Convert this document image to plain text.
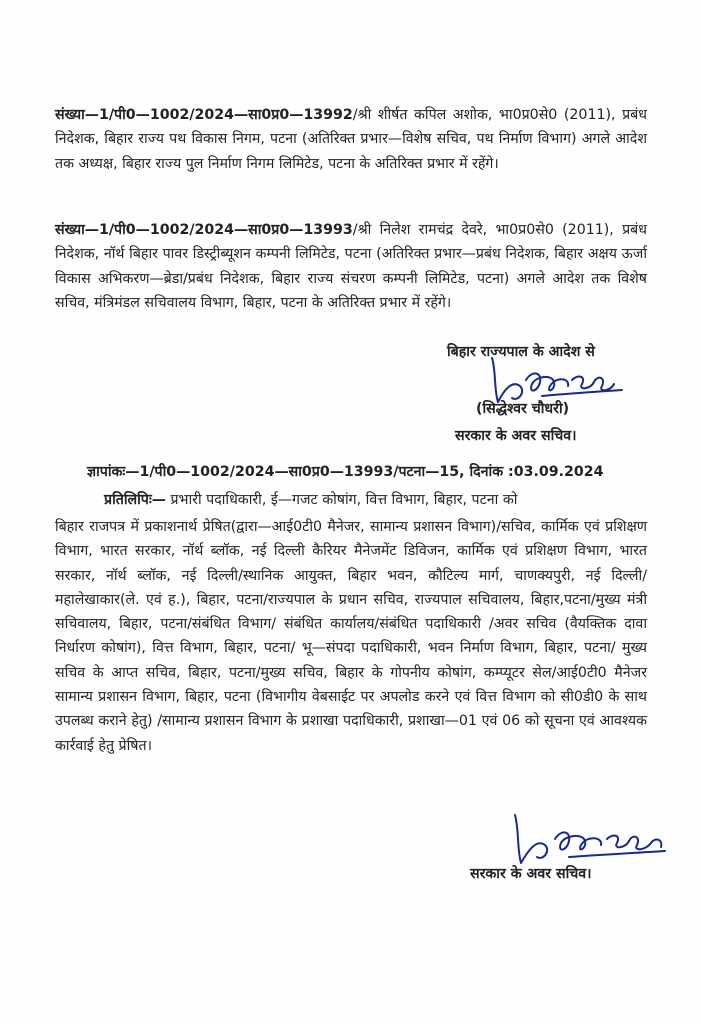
संख्या—1/पी0—1002/2024—सा0प्र0—13992/श्री शीर्षत कपिल अशोक, भा0प्र0से0 (2011), प्रबंध निदेशक, बिहार राज्य पथ विकास निगम, पटना (अतिरिक्त प्रभार—विशेष सचिव, पथ निर्माण विभाग) अगले आदेश तक अध्यक्ष, बिहार राज्य पुल निर्माण निगम लिमिटेड, पटना के अतिरिक्त प्रभार में रहेंगे।

संख्या—1/पी0—1002/2024—सा0प्र0—13993/श्री निलेश रामचंद्र देवरे, भा0प्र0से0 (2011), प्रबंध निदेशक, नॉर्थ बिहार पावर डिस्ट्रीब्यूशन कम्पनी लिमिटेड, पटना (अतिरिक्त प्रभार—प्रबंध निदेशक, बिहार अक्षय ऊर्जा विकास अभिकरण—ब्रेडा/प्रबंध निदेशक, बिहार राज्य संचरण कम्पनी लिमिटेड, पटना) अगले आदेश तक विशेष सचिव, मंत्रिमंडल सचिवालय विभाग, बिहार, पटना के अतिरिक्त प्रभार में रहेंगे।

बिहार राज्यपाल के आदेश से
(सिद्धेश्वर चौधरी)
सरकार के अवर सचिव।
ज्ञापांकः—1/पी0—1002/2024—सा0प्र0—13993/पटना—15, दिनांक :03.09.2024

प्रतिलिपिः— प्रभारी पदाधिकारी, ई—गजट कोषांग, वित्त विभाग, बिहार, पटना को

बिहार राजपत्र में प्रकाशनार्थ प्रेषित(द्वारा—आई0टी0 मैनेजर, सामान्य प्रशासन विभाग)/सचिव, कार्मिक एवं प्रशिक्षण विभाग, भारत सरकार, नॉर्थ ब्लॉक, नई दिल्ली कैरियर मैनेजमेंट डिविजन, कार्मिक एवं प्रशिक्षण विभाग, भारत सरकार, नॉर्थ ब्लॉक, नई दिल्ली/स्थानिक आयुक्त, बिहार भवन, कौटिल्य मार्ग, चाणक्यपुरी, नई दिल्ली/ महालेखाकार(ले. एवं ह.), बिहार, पटना/राज्यपाल के प्रधान सचिव, राज्यपाल सचिवालय, बिहार,पटना/मुख्य मंत्री सचिवालय, बिहार, पटना/संबंधित विभाग/ संबंधित कार्यालय/संबंधित पदाधिकारी /अवर सचिव (वैयक्तिक दावा निर्धारण कोषांग), वित्त विभाग, बिहार, पटना/ भू—संपदा पदाधिकारी, भवन निर्माण विभाग, बिहार, पटना/ मुख्य सचिव के आप्त सचिव, बिहार, पटना/मुख्य सचिव, बिहार के गोपनीय कोषांग, कम्प्यूटर सेल/आई0टी0 मैनेजर सामान्य प्रशासन विभाग, बिहार, पटना (विभागीय वेबसाईट पर अपलोड करने एवं वित्त विभाग को सी0डी0 के साथ उपलब्ध कराने हेतु) /सामान्य प्रशासन विभाग के प्रशाखा पदाधिकारी, प्रशाखा—01 एवं 06 को सूचना एवं आवश्यक कार्रवाई हेतु प्रेषित।

सरकार के अवर सचिव।
